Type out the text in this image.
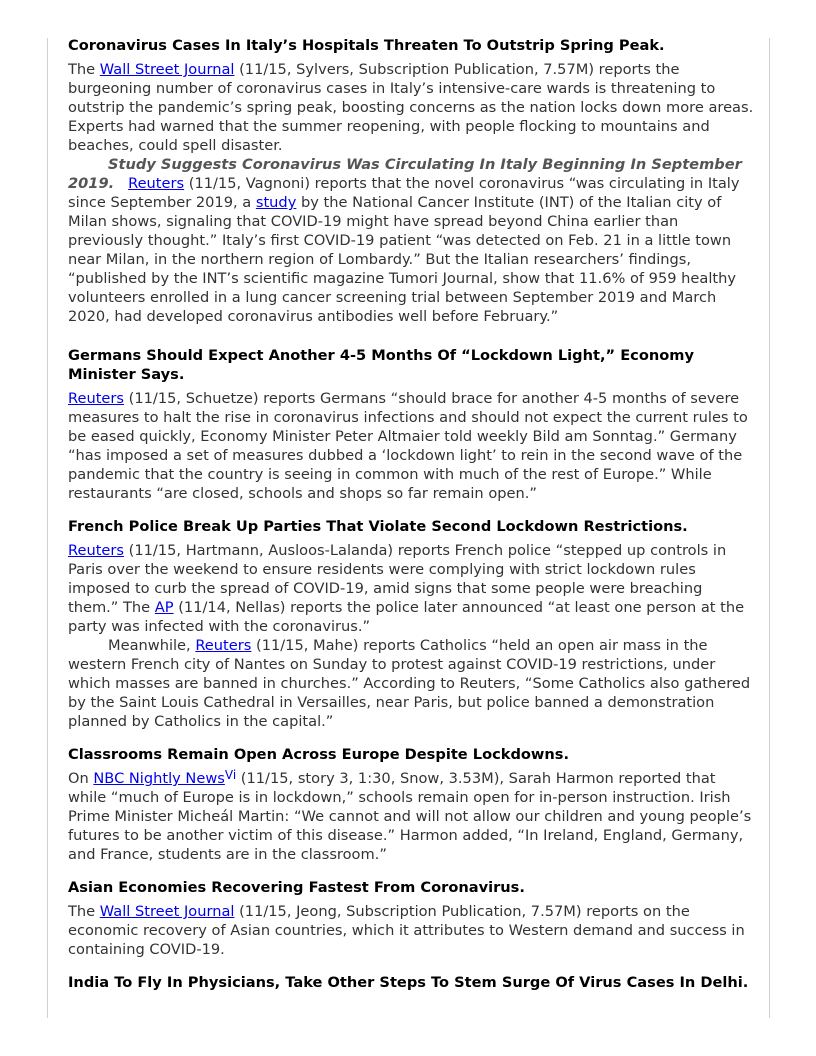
Coronavirus Cases In Italy’s Hospitals Threaten To Outstrip Spring Peak.

The Wall Street Journal (11/15, Sylvers, Subscription Publication, 7.57M) reports the burgeoning number of coronavirus cases in Italy’s intensive-care wards is threatening to outstrip the pandemic’s spring peak, boosting concerns as the nation locks down more areas. Experts had warned that the summer reopening, with people flocking to mountains and beaches, could spell disaster.

Study Suggests Coronavirus Was Circulating In Italy Beginning In September 2019. Reuters (11/15, Vagnoni) reports that the novel coronavirus “was circulating in Italy since September 2019, a study by the National Cancer Institute (INT) of the Italian city of Milan shows, signaling that COVID-19 might have spread beyond China earlier than previously thought.” Italy’s first COVID-19 patient “was detected on Feb. 21 in a little town near Milan, in the northern region of Lombardy.” But the Italian researchers’ findings, “published by the INT’s scientific magazine Tumori Journal, show that 11.6% of 959 healthy volunteers enrolled in a lung cancer screening trial between September 2019 and March 2020, had developed coronavirus antibodies well before February.”

Germans Should Expect Another 4-5 Months Of “Lockdown Light,” Economy Minister Says.

Reuters (11/15, Schuetze) reports Germans “should brace for another 4-5 months of severe measures to halt the rise in coronavirus infections and should not expect the current rules to be eased quickly, Economy Minister Peter Altmaier told weekly Bild am Sonntag.” Germany “has imposed a set of measures dubbed a ‘lockdown light’ to rein in the second wave of the pandemic that the country is seeing in common with much of the rest of Europe.” While restaurants “are closed, schools and shops so far remain open.”

French Police Break Up Parties That Violate Second Lockdown Restrictions.

Reuters (11/15, Hartmann, Ausloos-Lalanda) reports French police “stepped up controls in Paris over the weekend to ensure residents were complying with strict lockdown rules imposed to curb the spread of COVID-19, amid signs that some people were breaching them.” The AP (11/14, Nellas) reports the police later announced “at least one person at the party was infected with the coronavirus.”

Meanwhile, Reuters (11/15, Mahe) reports Catholics “held an open air mass in the western French city of Nantes on Sunday to protest against COVID-19 restrictions, under which masses are banned in churches.” According to Reuters, “Some Catholics also gathered by the Saint Louis Cathedral in Versailles, near Paris, but police banned a demonstration planned by Catholics in the capital.”

Classrooms Remain Open Across Europe Despite Lockdowns.

On NBC Nightly News$^{Vi}$ (11/15, story 3, 1:30, Snow, 3.53M), Sarah Harmon reported that while “much of Europe is in lockdown,” schools remain open for in-person instruction. Irish Prime Minister Micheál Martin: “We cannot and will not allow our children and young people’s futures to be another victim of this disease.” Harmon added, “In Ireland, England, Germany, and France, students are in the classroom.”

Asian Economies Recovering Fastest From Coronavirus.

The Wall Street Journal (11/15, Jeong, Subscription Publication, 7.57M) reports on the economic recovery of Asian countries, which it attributes to Western demand and success in containing COVID-19.

India To Fly In Physicians, Take Other Steps To Stem Surge Of Virus Cases In Delhi.
